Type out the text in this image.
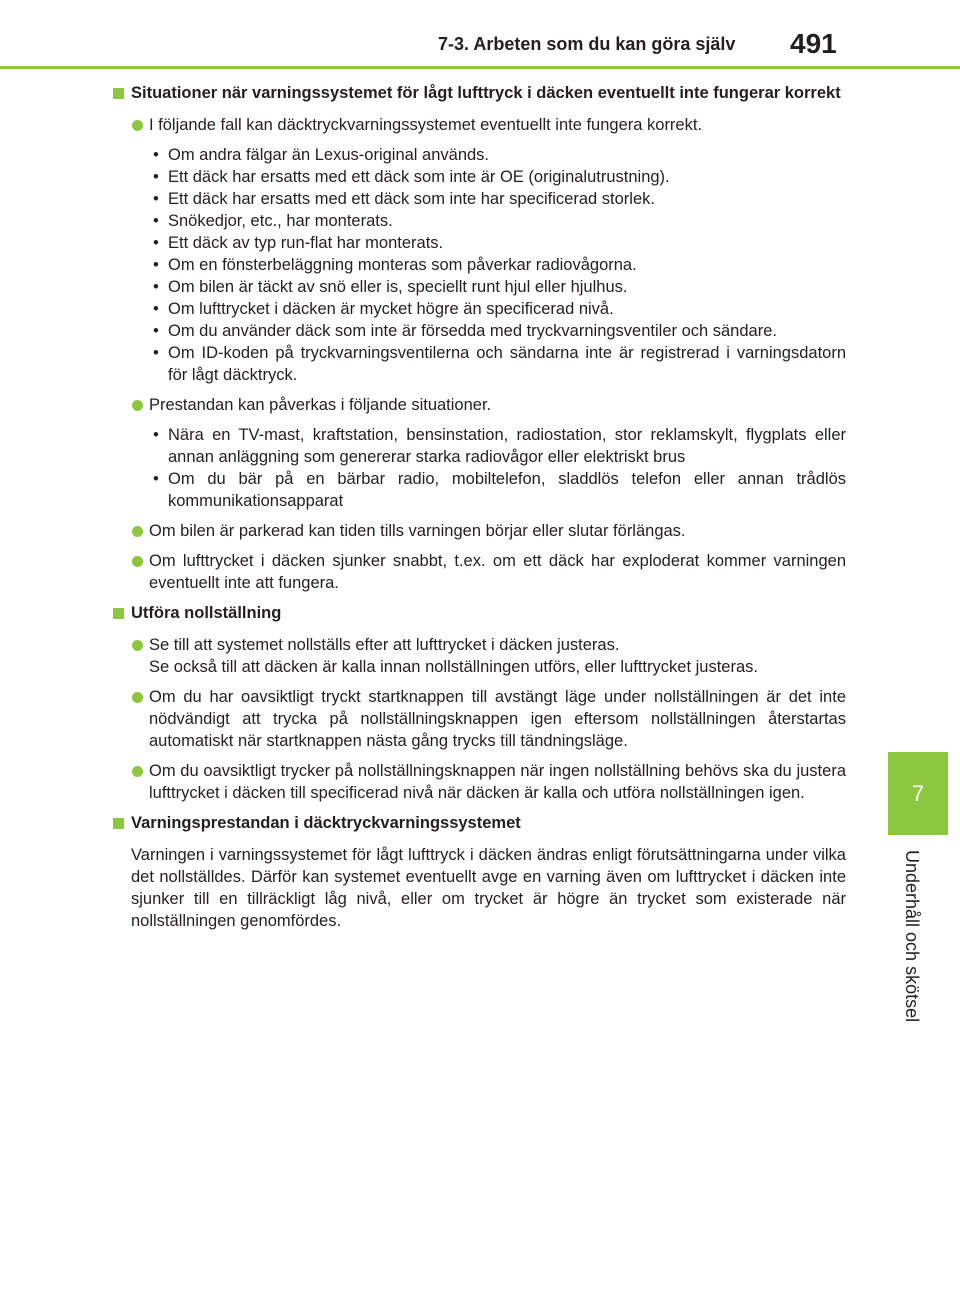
7-3. Arbeten som du kan göra själv	491
7
Underhåll och skötsel
Situationer när varningssystemet för lågt lufttryck i däcken eventuellt inte fungerar korrekt
I följande fall kan däcktryckvarningssystemet eventuellt inte fungera korrekt.
• Om andra fälgar än Lexus-original används.
• Ett däck har ersatts med ett däck som inte är OE (originalutrustning).
• Ett däck har ersatts med ett däck som inte har specificerad storlek.
• Snökedjor, etc., har monterats.
• Ett däck av typ run-flat har monterats.
• Om en fönsterbeläggning monteras som påverkar radiovågorna.
• Om bilen är täckt av snö eller is, speciellt runt hjul eller hjulhus.
• Om lufttrycket i däcken är mycket högre än specificerad nivå.
• Om du använder däck som inte är försedda med tryckvarningsventiler och sändare.
• Om ID-koden på tryckvarningsventilerna och sändarna inte är registrerad i varningsdatorn för lågt däcktryck.
Prestandan kan påverkas i följande situationer.
• Nära en TV-mast, kraftstation, bensinstation, radiostation, stor reklamskylt, flygplats eller annan anläggning som genererar starka radiovågor eller elektriskt brus
• Om du bär på en bärbar radio, mobiltelefon, sladdlös telefon eller annan trådlös kommunikationsapparat
Om bilen är parkerad kan tiden tills varningen börjar eller slutar förlängas.
Om lufttrycket i däcken sjunker snabbt, t.ex. om ett däck har exploderat kommer varningen eventuellt inte att fungera.
Utföra nollställning
Se till att systemet nollställs efter att lufttrycket i däcken justeras.
Se också till att däcken är kalla innan nollställningen utförs, eller lufttrycket justeras.
Om du har oavsiktligt tryckt startknappen till avstängt läge under nollställningen är det inte nödvändigt att trycka på nollställningsknappen igen eftersom nollställningen återstartas automatiskt när startknappen nästa gång trycks till tändningsläge.
Om du oavsiktligt trycker på nollställningsknappen när ingen nollställning behövs ska du justera lufttrycket i däcken till specificerad nivå när däcken är kalla och utföra nollställningen igen.
Varningsprestandan i däcktryckvarningssystemet

Varningen i varningssystemet för lågt lufttryck i däcken ändras enligt förutsättningarna under vilka det nollställdes. Därför kan systemet eventuellt avge en varning även om lufttrycket i däcken inte sjunker till en tillräckligt låg nivå, eller om trycket är högre än trycket som existerade när nollställningen genomfördes.
